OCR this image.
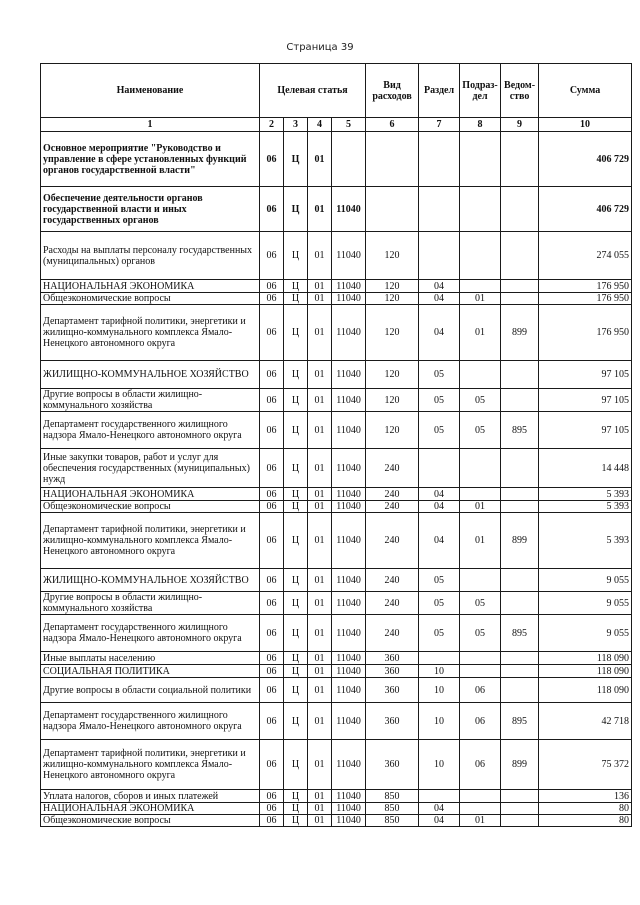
Страница 39
Наименование	Целевая статья				Вид расходов	Раздел	Подраз- дел	Ведом- ство	Сумма
1	2	3	4	5	6	7	8	9	10
Основное мероприятие "Руководство и управление в сфере установленных функций органов государственной власти"	06	Ц	01						406 729
Обеспечение деятельности органов государственной власти и иных государственных органов	06	Ц	01	11040					406 729
Расходы на выплаты персоналу государственных (муниципальных) органов	06	Ц	01	11040	120				274 055
НАЦИОНАЛЬНАЯ ЭКОНОМИКА	06	Ц	01	11040	120	04			176 950
Общеэкономические вопросы	06	Ц	01	11040	120	04	01		176 950
Департамент тарифной политики, энергетики и жилищно-коммунального комплекса Ямало-Ненецкого автономного округа	06	Ц	01	11040	120	04	01	899	176 950
ЖИЛИЩНО-КОММУНАЛЬНОЕ ХОЗЯЙСТВО	06	Ц	01	11040	120	05			97 105
Другие вопросы в области жилищно-коммунального хозяйства	06	Ц	01	11040	120	05	05		97 105
Департамент государственного жилищного надзора Ямало-Ненецкого автономного округа	06	Ц	01	11040	120	05	05	895	97 105
Иные закупки товаров, работ и услуг для обеспечения государственных (муниципальных) нужд	06	Ц	01	11040	240				14 448
НАЦИОНАЛЬНАЯ ЭКОНОМИКА	06	Ц	01	11040	240	04			5 393
Общеэкономические вопросы	06	Ц	01	11040	240	04	01		5 393
Департамент тарифной политики, энергетики и жилищно-коммунального комплекса Ямало-Ненецкого автономного округа	06	Ц	01	11040	240	04	01	899	5 393
ЖИЛИЩНО-КОММУНАЛЬНОЕ ХОЗЯЙСТВО	06	Ц	01	11040	240	05			9 055
Другие вопросы в области жилищно-коммунального хозяйства	06	Ц	01	11040	240	05	05		9 055
Департамент государственного жилищного надзора Ямало-Ненецкого автономного округа	06	Ц	01	11040	240	05	05	895	9 055
Иные выплаты населению	06	Ц	01	11040	360				118 090
СОЦИАЛЬНАЯ ПОЛИТИКА	06	Ц	01	11040	360	10			118 090
Другие вопросы в области социальной политики	06	Ц	01	11040	360	10	06		118 090
Департамент государственного жилищного надзора Ямало-Ненецкого автономного округа	06	Ц	01	11040	360	10	06	895	42 718
Департамент тарифной политики, энергетики и жилищно-коммунального комплекса Ямало-Ненецкого автономного округа	06	Ц	01	11040	360	10	06	899	75 372
Уплата налогов, сборов и иных платежей	06	Ц	01	11040	850				136
НАЦИОНАЛЬНАЯ ЭКОНОМИКА	06	Ц	01	11040	850	04			80
Общеэкономические вопросы	06	Ц	01	11040	850	04	01		80
